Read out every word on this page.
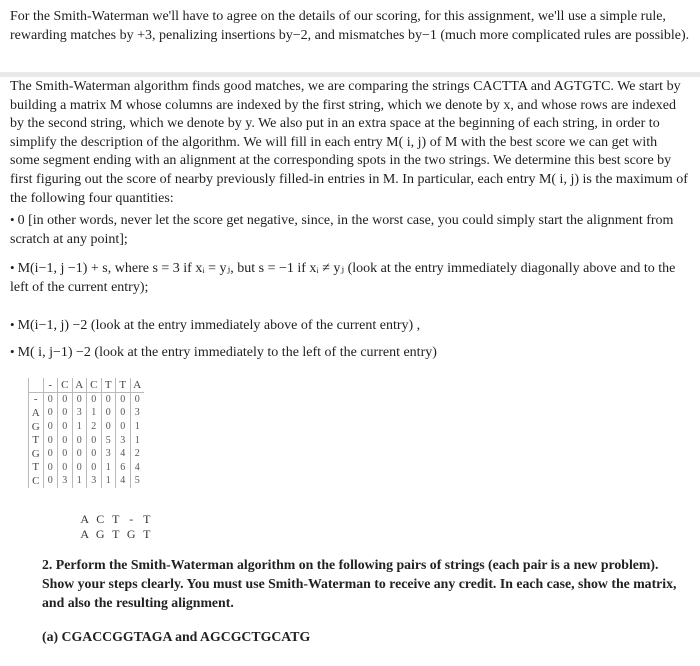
For the Smith-Waterman we'll have to agree on the details of our scoring, for this assignment, we'll use a simple rule, rewarding matches by +3, penalizing insertions by−2, and mismatches by−1 (much more complicated rules are possible).
The Smith-Waterman algorithm finds good matches, we are comparing the strings CACTTA and AGTGTC. We start by building a matrix M whose columns are indexed by the first string, which we denote by x, and whose rows are indexed by the second string, which we denote by y. We also put in an extra space at the beginning of each string, in order to simplify the description of the algorithm. We will fill in each entry M( i, j) of M with the best score we can get with some segment ending with an alignment at the corresponding spots in the two strings. We determine this best score by first figuring out the score of nearby previously filled-in entries in M. In particular, each entry M( i, j) is the maximum of the following four quantities:
• 0 [in other words, never let the score get negative, since, in the worst case, you could simply start the alignment from scratch at any point];
• M(i−1, j −1) + s, where s = 3 if xᵢ = yⱼ, but s = −1 if xᵢ ≠ yⱼ (look at the entry immediately diagonally above and to the left of the current entry);
• M(i−1, j) −2 (look at the entry immediately above of the current entry) ,
• M( i, j−1) −2 (look at the entry immediately to the left of the current entry)
	-	C	A	C	T	T	A
-	0	0	0	0	0	0	0
A	0	0	3	1	0	0	3
G	0	0	1	2	0	0	1
T	0	0	0	0	5	3	1
G	0	0	0	0	3	4	2
T	0	0	0	0	1	6	4
C	0	3	1	3	1	4	5
A C T - T
A G T G T
2. Perform the Smith-Waterman algorithm on the following pairs of strings (each pair is a new problem). Show your steps clearly. You must use Smith-Waterman to receive any credit. In each case, show the matrix, and also the resulting alignment.
(a) CGACCGGTAGA and AGCGCTGCATG
